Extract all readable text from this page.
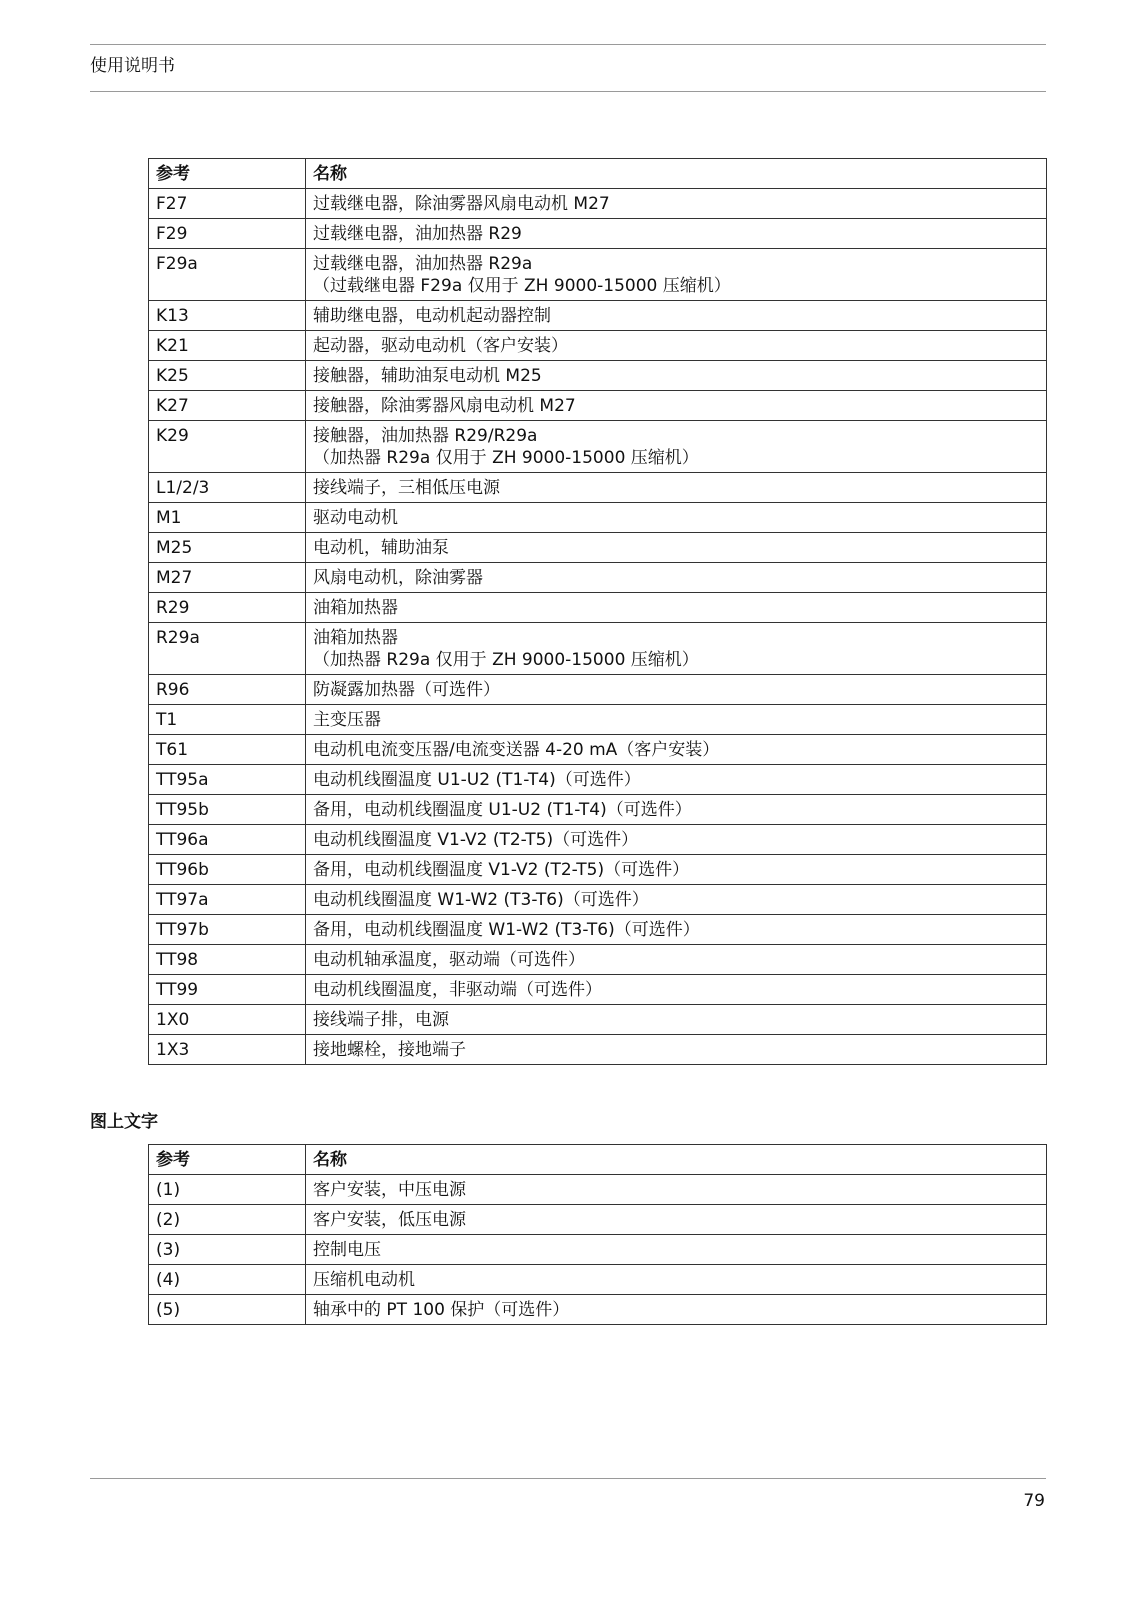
使用说明书
参考	名称
F27	过载继电器，除油雾器风扇电动机 M27

F29	过载继电器，油加热器 R29

F29a	过载继电器，油加热器 R29a
（过载继电器 F29a 仅用于 ZH 9000-15000 压缩机）

K13	辅助继电器，电动机起动器控制

K21	起动器，驱动电动机（客户安装）

K25	接触器，辅助油泵电动机 M25

K27	接触器，除油雾器风扇电动机 M27

K29	接触器，油加热器 R29/R29a
（加热器 R29a 仅用于 ZH 9000-15000 压缩机）

L1/2/3	接线端子，三相低压电源

M1	驱动电动机

M25	电动机，辅助油泵

M27	风扇电动机，除油雾器

R29	油箱加热器

R29a	油箱加热器
（加热器 R29a 仅用于 ZH 9000-15000 压缩机）

R96	防凝露加热器（可选件）

T1	主变压器

T61	电动机电流变压器/电流变送器 4-20 mA（客户安装）

TT95a	电动机线圈温度 U1-U2 (T1-T4)（可选件）

TT95b	备用，电动机线圈温度 U1-U2 (T1-T4)（可选件）

TT96a	电动机线圈温度 V1-V2 (T2-T5)（可选件）

TT96b	备用，电动机线圈温度 V1-V2 (T2-T5)（可选件）

TT97a	电动机线圈温度 W1-W2 (T3-T6)（可选件）

TT97b	备用，电动机线圈温度 W1-W2 (T3-T6)（可选件）

TT98	电动机轴承温度，驱动端（可选件）

TT99	电动机线圈温度，非驱动端（可选件）

1X0	接线端子排，电源

1X3	接地螺栓，接地端子
图上文字
参考	名称
(1)	客户安装，中压电源

(2)	客户安装，低压电源

(3)	控制电压

(4)	压缩机电动机

(5)	轴承中的 PT 100 保护（可选件）
79
